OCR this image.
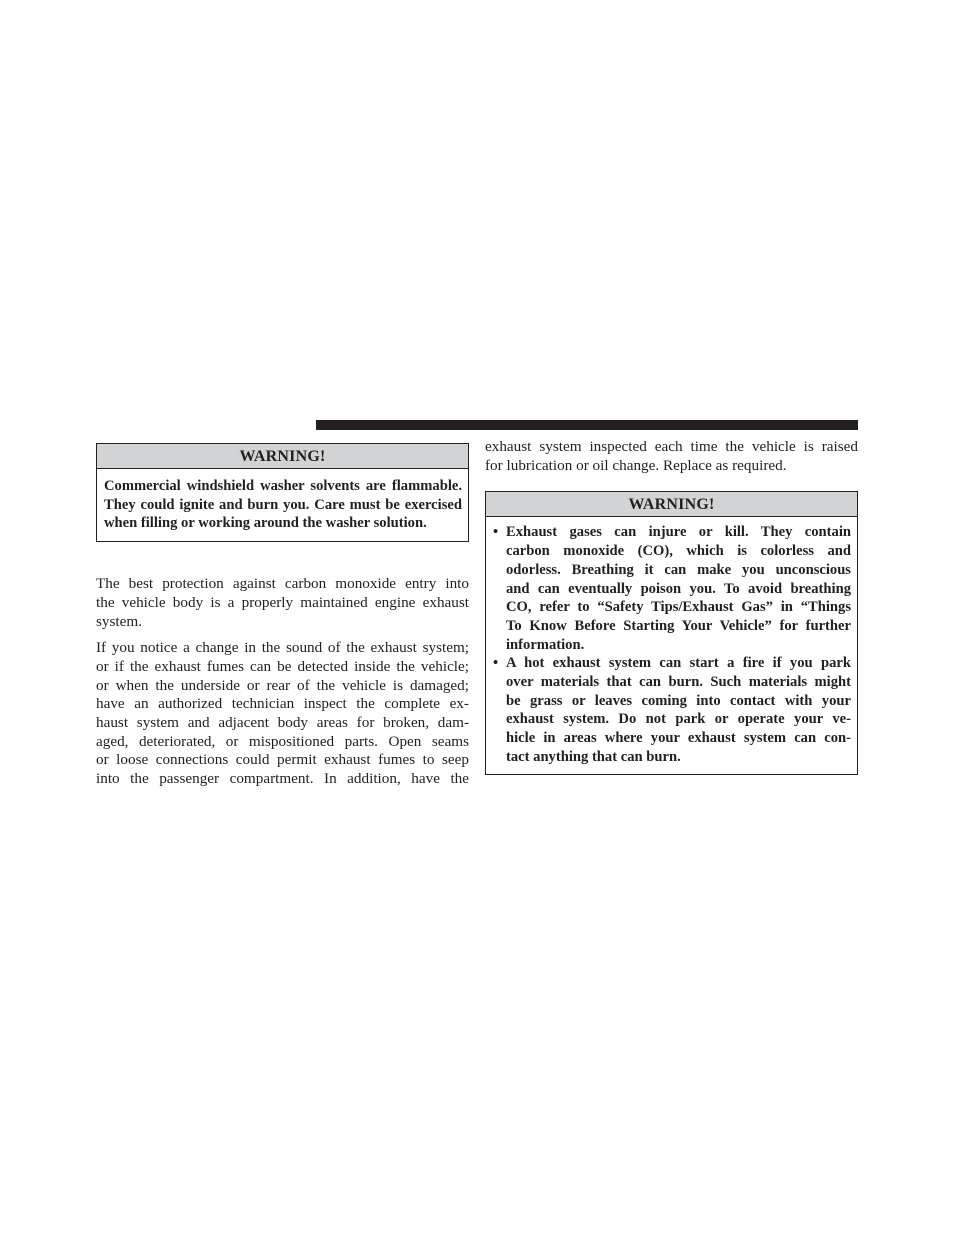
WARNING!
Commercial windshield washer solvents are flammable.
They could ignite and burn you. Care must be exercised
when filling or working around the washer solution.
The best protection against carbon monoxide entry into
the vehicle body is a properly maintained engine exhaust
system.
If you notice a change in the sound of the exhaust system;
or if the exhaust fumes can be detected inside the vehicle;
or when the underside or rear of the vehicle is damaged;
have an authorized technician inspect the complete ex-
haust system and adjacent body areas for broken, dam-
aged, deteriorated, or mispositioned parts. Open seams
or loose connections could permit exhaust fumes to seep
into the passenger compartment. In addition, have the
exhaust system inspected each time the vehicle is raised
for lubrication or oil change. Replace as required.
WARNING!
• Exhaust gases can injure or kill. They contain
carbon monoxide (CO), which is colorless and
odorless. Breathing it can make you unconscious
and can eventually poison you. To avoid breathing
CO, refer to “Safety Tips/Exhaust Gas” in “Things
To Know Before Starting Your Vehicle” for further
information.
• A hot exhaust system can start a fire if you park
over materials that can burn. Such materials might
be grass or leaves coming into contact with your
exhaust system. Do not park or operate your ve-
hicle in areas where your exhaust system can con-
tact anything that can burn.
